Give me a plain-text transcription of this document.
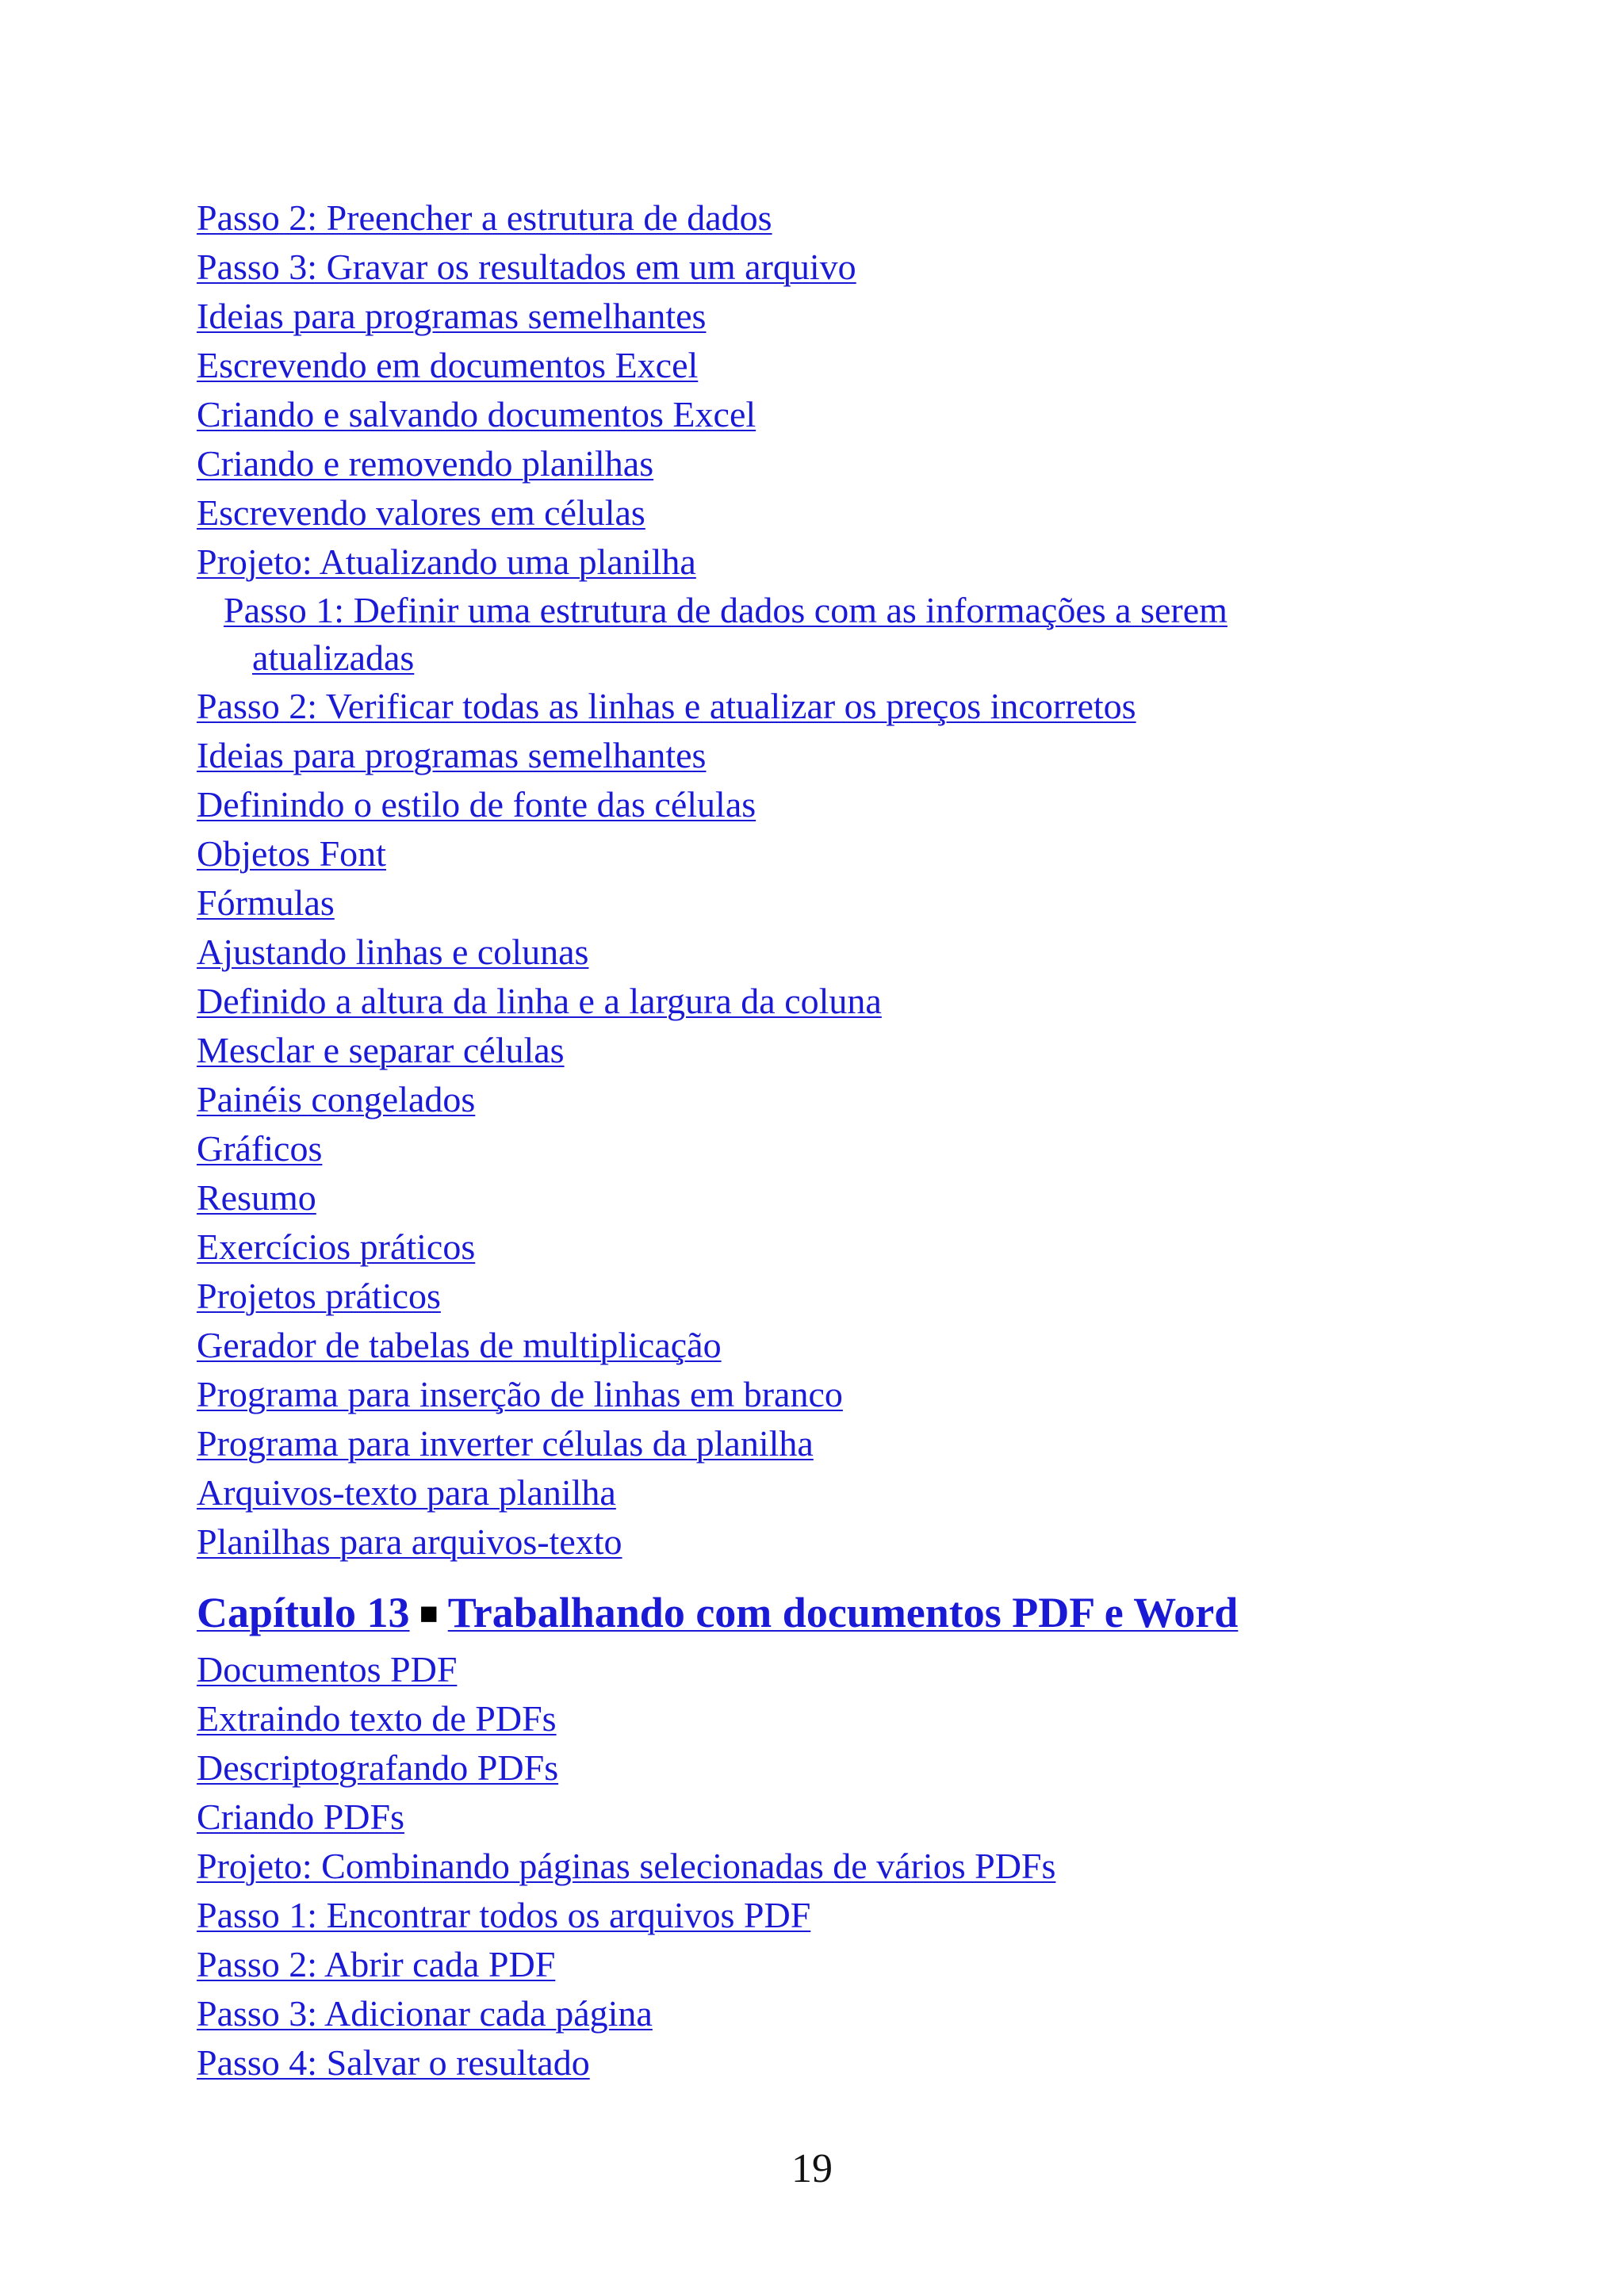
Passo 2: Preencher a estrutura de dados
Passo 3: Gravar os resultados em um arquivo
Ideias para programas semelhantes
Escrevendo em documentos Excel
Criando e salvando documentos Excel
Criando e removendo planilhas
Escrevendo valores em células
Projeto: Atualizando uma planilha
Passo 1: Definir uma estrutura de dados com as informações a serem atualizadas
Passo 2: Verificar todas as linhas e atualizar os preços incorretos
Ideias para programas semelhantes
Definindo o estilo de fonte das células
Objetos Font
Fórmulas
Ajustando linhas e colunas
Definido a altura da linha e a largura da coluna
Mesclar e separar células
Painéis congelados
Gráficos
Resumo
Exercícios práticos
Projetos práticos
Gerador de tabelas de multiplicação
Programa para inserção de linhas em branco
Programa para inverter células da planilha
Arquivos-texto para planilha
Planilhas para arquivos-texto
Capítulo 13 ■ Trabalhando com documentos PDF e Word
Documentos PDF
Extraindo texto de PDFs
Descriptografando PDFs
Criando PDFs
Projeto: Combinando páginas selecionadas de vários PDFs
Passo 1: Encontrar todos os arquivos PDF
Passo 2: Abrir cada PDF
Passo 3: Adicionar cada página
Passo 4: Salvar o resultado
19
